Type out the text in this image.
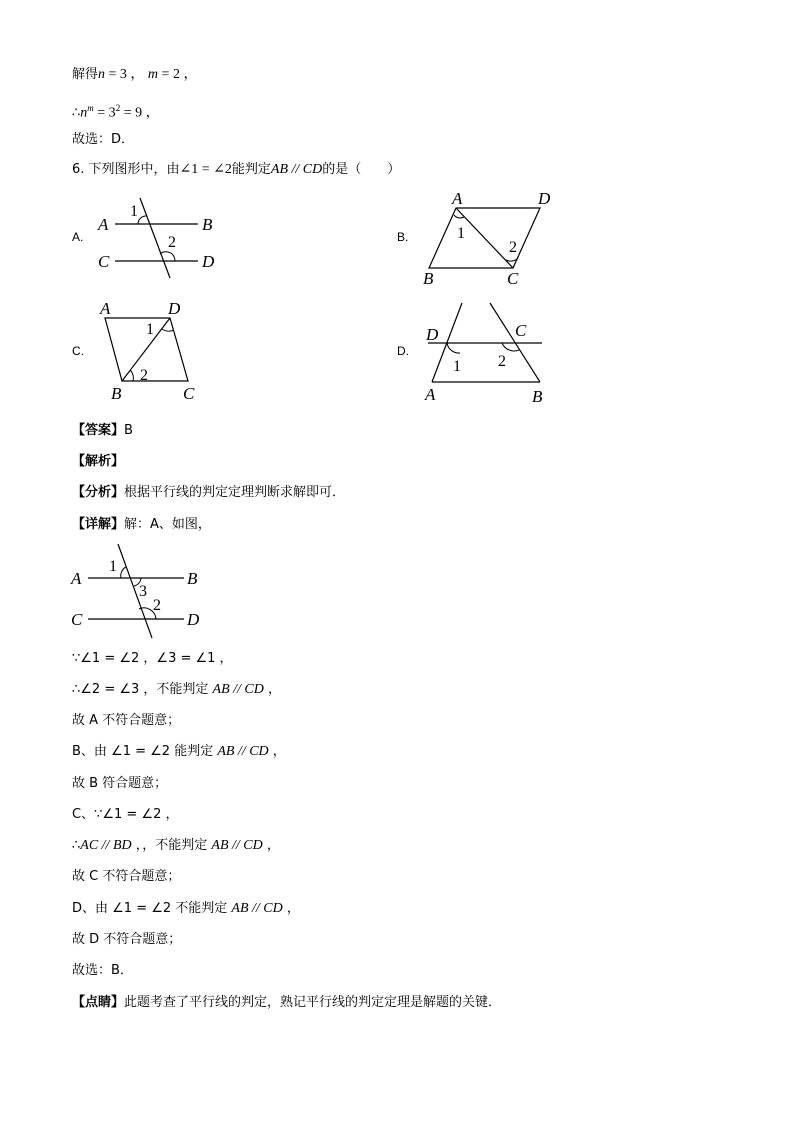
解得n = 3 ， m = 2 ，
$\therefore n^m = 3^2 = 9$ ，
故选：D．
6. 下列图形中，由∠1 = ∠2能判定AB // CD的是（　　）
A.
A	B
C	D
1
2	B.
A	D
B	C
1
2
C.
A	D
B	C
1
2
D.
D	C
A	B
1 2
【答案】B
【解析】
【分析】根据平行线的判定定理判断求解即可．
【详解】解：A、如图，
A	B
C	D
1
3
2
∵∠1 = ∠2 ，∠3 = ∠1 ，
∴∠2 = ∠3 ，不能判定 AB // CD ，
故 A 不符合题意；
B、由 ∠1 = ∠2 能判定 AB // CD ，
故 B 符合题意；
C、∵∠1 = ∠2 ，
∴AC // BD ，，不能判定 AB // CD ，
故 C 不符合题意；
D、由 ∠1 = ∠2 不能判定 AB // CD ，
故 D 不符合题意；
故选：B．
【点睛】此题考查了平行线的判定，熟记平行线的判定定理是解题的关键．
